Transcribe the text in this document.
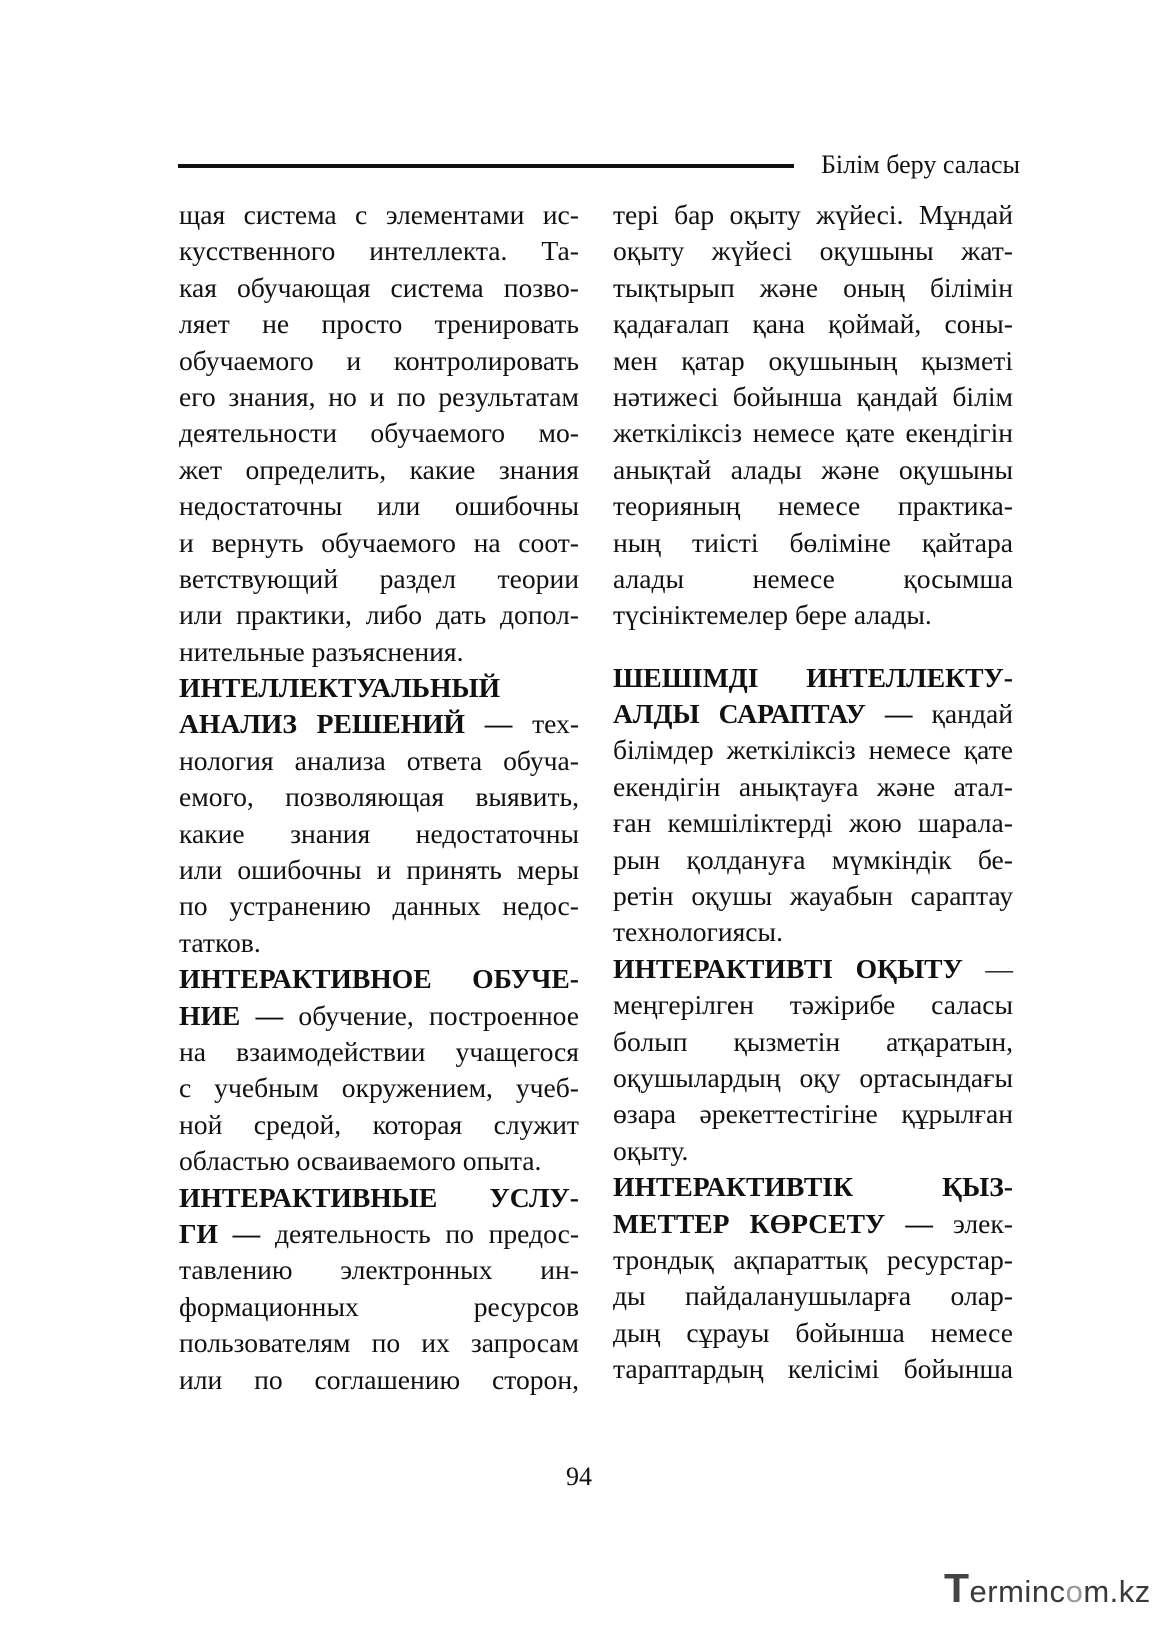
Білім беру саласы
щая система с элементами ис-
кусственного интеллекта. Та-
кая обучающая система позво-
ляет не просто тренировать
обучаемого и контролировать
его знания, но и по результатам
деятельности обучаемого мо-
жет определить, какие знания
недостаточны или ошибочны
и вернуть обучаемого на соот-
ветствующий раздел теории
или практики, либо дать допол-
нительные разъяснения.
ИНТЕЛЛЕКТУАЛЬНЫЙ
АНАЛИЗ РЕШЕНИЙ — тех-
нология анализа ответа обуча-
емого, позволяющая выявить,
какие знания недостаточны
или ошибочны и принять меры
по устранению данных недос-
татков.
ИНТЕРАКТИВНОЕ ОБУЧЕ-
НИЕ — обучение, построенное
на взаимодействии учащегося
с учебным окружением, учеб-
ной средой, которая служит
областью осваиваемого опыта.
ИНТЕРАКТИВНЫЕ УСЛУ-
ГИ — деятельность по предос-
тавлению электронных ин-
формационных ресурсов
пользователям по их запросам
или по соглашению сторон,
тері бар оқыту жүйесі. Мұндай
оқыту жүйесі оқушыны жат-
тықтырып және оның білімін
қадағалап қана қоймай, соны-
мен қатар оқушының қызметі
нәтижесі бойынша қандай білім
жеткіліксіз немесе қате екендігін
анықтай алады және оқушыны
теорияның немесе практика-
ның тиісті бөліміне қайтара
алады немесе қосымша
түсініктемелер бере алады.
ШЕШІМДІ ИНТЕЛЛЕКТУ-
АЛДЫ САРАПТАУ — қандай
білімдер жеткіліксіз немесе қате
екендігін анықтауға және атал-
ған кемшіліктерді жою шарала-
рын қолдануға мүмкіндік бе-
ретін оқушы жауабын сараптау
технологиясы.
ИНТЕРАКТИВТІ ОҚЫТУ —
меңгерілген тәжірибе саласы
болып қызметін атқаратын,
оқушылардың оқу ортасындағы
өзара әрекеттестігіне құрылған
оқыту.
ИНТЕРАКТИВТІК ҚЫЗ-
МЕТТЕР КӨРСЕТУ — элек-
трондық ақпараттық ресурстар-
ды пайдаланушыларға олар-
дың сұрауы бойынша немесе
тараптардың келісімі бойынша
94
Termincom.kz
